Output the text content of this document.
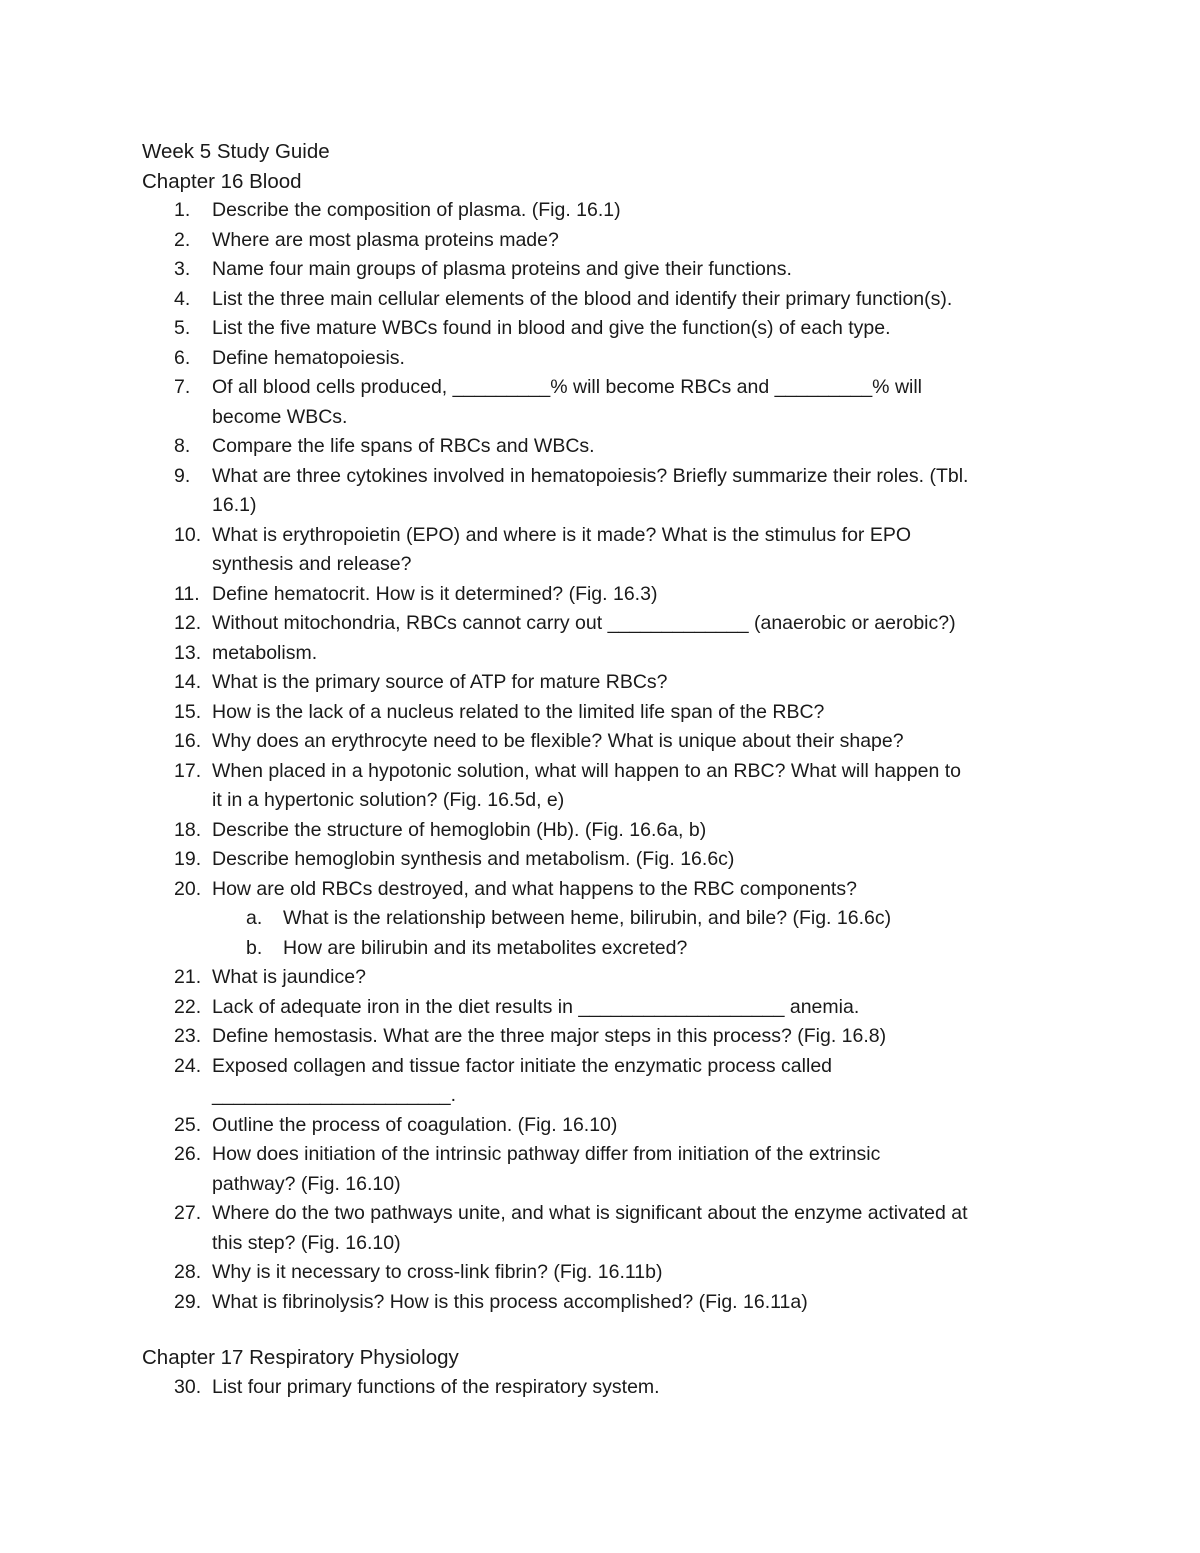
Week 5 Study Guide
Chapter 16 Blood
1. Describe the composition of plasma. (Fig. 16.1)
2. Where are most plasma proteins made?
3. Name four main groups of plasma proteins and give their functions.
4. List the three main cellular elements of the blood and identify their primary function(s).
5. List the five mature WBCs found in blood and give the function(s) of each type.
6. Define hematopoiesis.
7. Of all blood cells produced, _________% will become RBCs and _________% will
become WBCs.
8. Compare the life spans of RBCs and WBCs.
9. What are three cytokines involved in hematopoiesis? Briefly summarize their roles. (Tbl.
16.1)
10. What is erythropoietin (EPO) and where is it made? What is the stimulus for EPO
synthesis and release?
11. Define hematocrit. How is it determined? (Fig. 16.3)
12. Without mitochondria, RBCs cannot carry out _____________ (anaerobic or aerobic?)
13. metabolism.
14. What is the primary source of ATP for mature RBCs?
15. How is the lack of a nucleus related to the limited life span of the RBC?
16. Why does an erythrocyte need to be flexible? What is unique about their shape?
17. When placed in a hypotonic solution, what will happen to an RBC? What will happen to
it in a hypertonic solution? (Fig. 16.5d, e)
18. Describe the structure of hemoglobin (Hb). (Fig. 16.6a, b)
19. Describe hemoglobin synthesis and metabolism. (Fig. 16.6c)
20. How are old RBCs destroyed, and what happens to the RBC components?
a. What is the relationship between heme, bilirubin, and bile? (Fig. 16.6c)
b. How are bilirubin and its metabolites excreted?
21. What is jaundice?
22. Lack of adequate iron in the diet results in ___________________ anemia.
23. Define hemostasis. What are the three major steps in this process? (Fig. 16.8)
24. Exposed collagen and tissue factor initiate the enzymatic process called
______________________.
25. Outline the process of coagulation. (Fig. 16.10)
26. How does initiation of the intrinsic pathway differ from initiation of the extrinsic
pathway? (Fig. 16.10)
27. Where do the two pathways unite, and what is significant about the enzyme activated at
this step? (Fig. 16.10)
28. Why is it necessary to cross-link fibrin? (Fig. 16.11b)
29. What is fibrinolysis? How is this process accomplished? (Fig. 16.11a)
Chapter 17 Respiratory Physiology
30. List four primary functions of the respiratory system.
